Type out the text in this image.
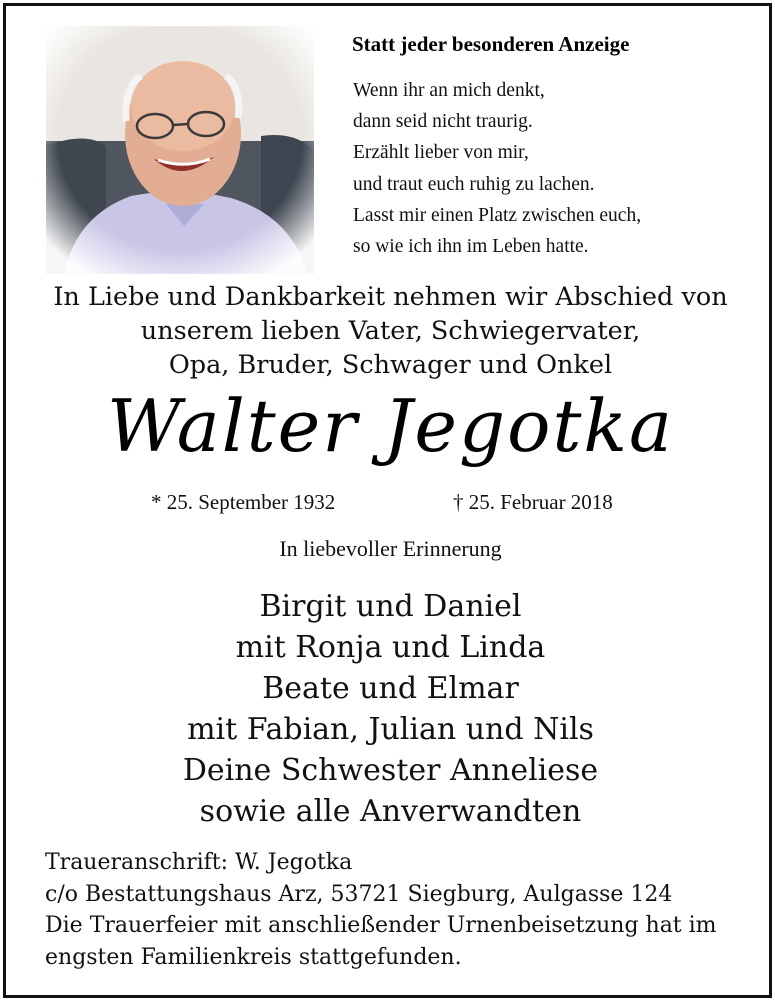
Statt jeder besonderen Anzeige
Wenn ihr an mich denkt,
dann seid nicht traurig.
Erzählt lieber von mir,
und traut euch ruhig zu lachen.
Lasst mir einen Platz zwischen euch,
so wie ich ihn im Leben hatte.
In Liebe und Dankbarkeit nehmen wir Abschied von
unserem lieben Vater, Schwiegervater,
Opa, Bruder, Schwager und Onkel
Walter Jegotka
* 25. September 1932	† 25. Februar 2018
In liebevoller Erinnerung
Birgit und Daniel
mit Ronja und Linda
Beate und Elmar
mit Fabian, Julian und Nils
Deine Schwester Anneliese
sowie alle Anverwandten
Traueranschrift: W. Jegotka
c/o Bestattungshaus Arz, 53721 Siegburg, Aulgasse 124
Die Trauerfeier mit anschließender Urnenbeisetzung hat im
engsten Familienkreis stattgefunden.
